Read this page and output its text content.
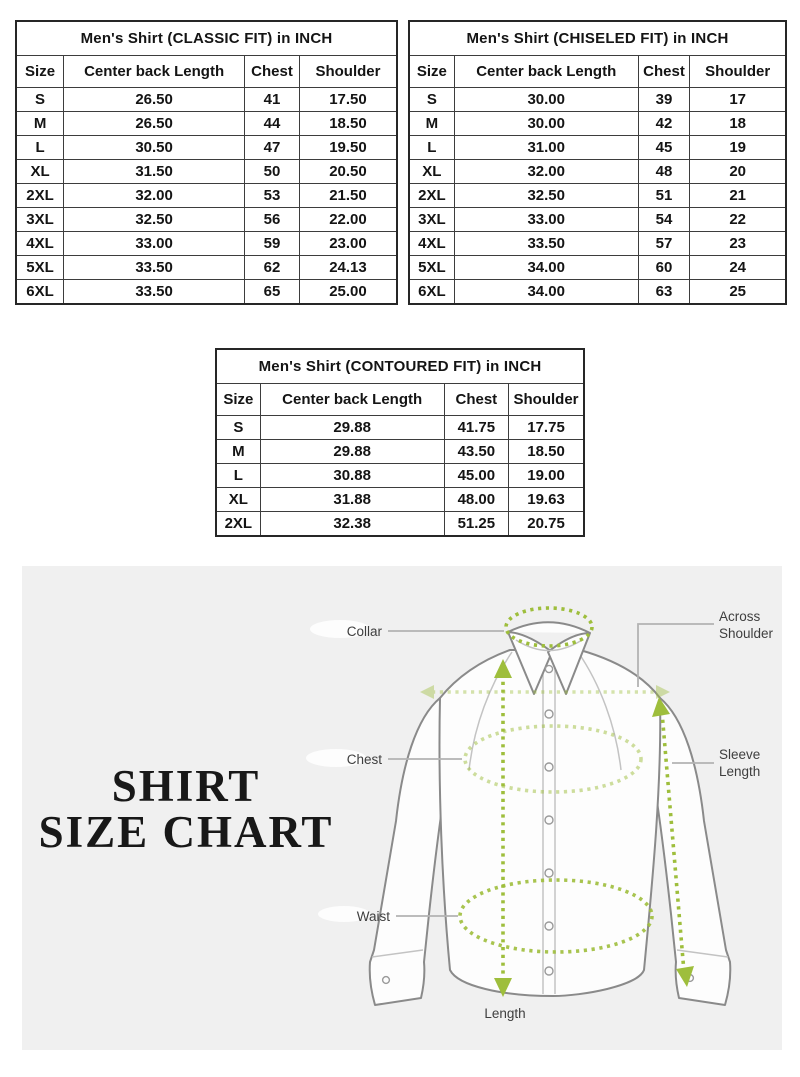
Men's Shirt (CLASSIC FIT) in INCH			
Size	Center back Length	Chest	Shoulder
S	26.50	41	17.50
M	26.50	44	18.50
L	30.50	47	19.50
XL	31.50	50	20.50
2XL	32.00	53	21.50
3XL	32.50	56	22.00
4XL	33.00	59	23.00
5XL	33.50	62	24.13
6XL	33.50	65	25.00
Men's Shirt (CHISELED FIT) in INCH			
Size	Center back Length	Chest	Shoulder
S	30.00	39	17
M	30.00	42	18
L	31.00	45	19
XL	32.00	48	20
2XL	32.50	51	21
3XL	33.00	54	22
4XL	33.50	57	23
5XL	34.00	60	24
6XL	34.00	63	25
Men's Shirt (CONTOURED FIT) in INCH			
Size	Center back Length	Chest	Shoulder
S	29.88	41.75	17.75
M	29.88	43.50	18.50
L	30.88	45.00	19.00
XL	31.88	48.00	19.63
2XL	32.38	51.25	20.75
SHIRT
SIZE CHART
Collar
Across Shoulder
Chest	Sleeve Length
Waist
Length
